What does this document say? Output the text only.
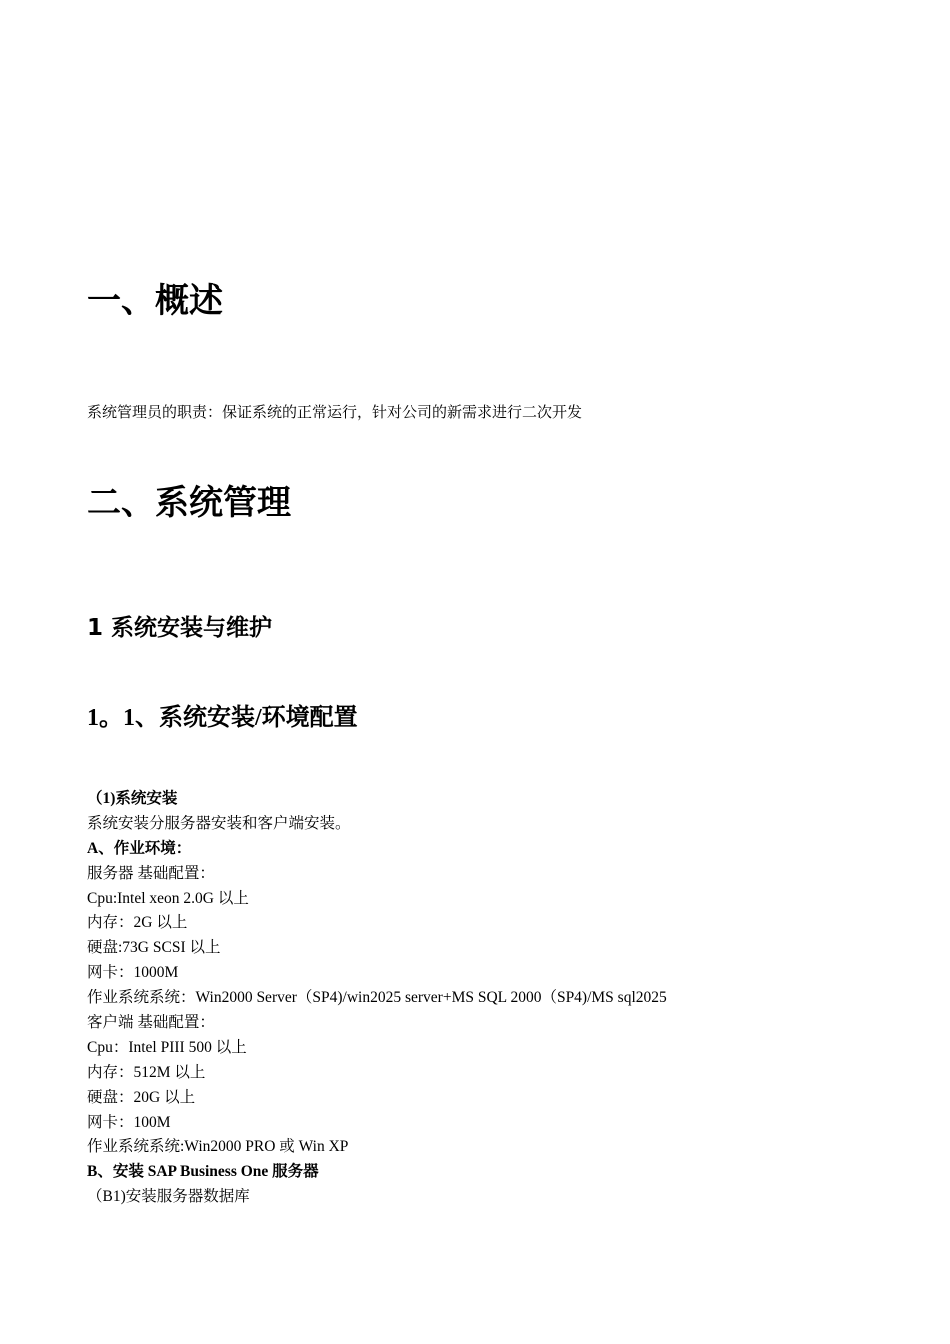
一、概述

系统管理员的职责：保证系统的正常运行，针对公司的新需求进行二次开发

二、系统管理
1 系统安装与维护
1。1、系统安装/环境配置
（1)系统安装
系统安装分服务器安装和客户端安装。
A、作业环境：
服务器 基础配置：
Cpu:Intel xeon 2.0G 以上
内存：2G 以上
硬盘:73G SCSI 以上
网卡：1000M
作业系统系统：Win2000 Server（SP4)/win2025 server+MS SQL 2000（SP4)/MS sql2025
客户端 基础配置：
Cpu：Intel PIII 500 以上
内存：512M 以上
硬盘：20G 以上
网卡：100M
作业系统系统:Win2000 PRO 或 Win XP
B、安装 SAP Business One 服务器
（B1)安装服务器数据库
